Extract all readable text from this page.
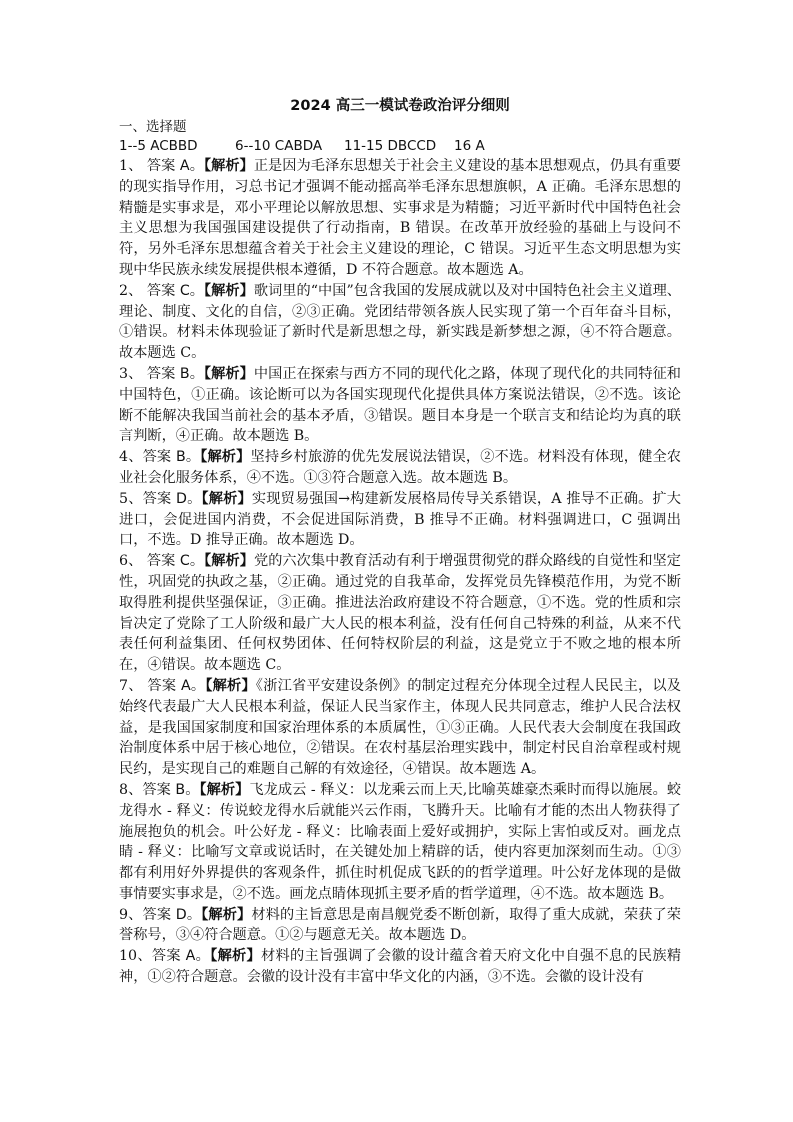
2024 高三一模试卷政治评分细则
一、选择题
1--5 ACBBD	6--10 CABDA	11-15 DBCCD	16 A

1、 答案 A。【解析】正是因为毛泽东思想关于社会主义建设的基本思想观点，仍具有重要的现实指导作用，习总书记才强调不能动摇高举毛泽东思想旗帜，A 正确。毛泽东思想的精髓是实事求是，邓小平理论以解放思想、实事求是为精髓；习近平新时代中国特色社会主义思想为我国强国建设提供了行动指南，B 错误。在改革开放经验的基础上与设问不符，另外毛泽东思想蕴含着关于社会主义建设的理论，C 错误。习近平生态文明思想为实现中华民族永续发展提供根本遵循，D 不符合题意。故本题选 A。

2、 答案 C。【解析】歌词里的“中国”包含我国的发展成就以及对中国特色社会主义道理、理论、制度、文化的自信，②③正确。党团结带领各族人民实现了第一个百年奋斗目标，①错误。材料未体现验证了新时代是新思想之母，新实践是新梦想之源，④不符合题意。故本题选 C。

3、 答案 B。【解析】中国正在探索与西方不同的现代化之路，体现了现代化的共同特征和中国特色，①正确。该论断可以为各国实现现代化提供具体方案说法错误，②不选。该论断不能解决我国当前社会的基本矛盾，③错误。题目本身是一个联言支和结论均为真的联言判断，④正确。故本题选 B。

4、答案 B。【解析】坚持乡村旅游的优先发展说法错误，②不选。材料没有体现，健全农业社会化服务体系，④不选。①③符合题意入选。故本题选 B。

5、答案 D。【解析】实现贸易强国→构建新发展格局传导关系错误，A 推导不正确。扩大进口，会促进国内消费，不会促进国际消费，B 推导不正确。材料强调进口，C 强调出口，不选。D 推导正确。故本题选 D。

6、 答案 C。【解析】党的六次集中教育活动有利于增强贯彻党的群众路线的自觉性和坚定性，巩固党的执政之基，②正确。通过党的自我革命，发挥党员先锋模范作用，为党不断取得胜利提供坚强保证，③正确。推进法治政府建设不符合题意，①不选。党的性质和宗旨决定了党除了工人阶级和最广大人民的根本利益，没有任何自己特殊的利益，从来不代表任何利益集团、任何权势团体、任何特权阶层的利益，这是党立于不败之地的根本所在，④错误。故本题选 C。

7、 答案 A。【解析】《浙江省平安建设条例》的制定过程充分体现全过程人民民主，以及始终代表最广大人民根本利益，保证人民当家作主，体现人民共同意志，维护人民合法权益，是我国国家制度和国家治理体系的本质属性，①③正确。人民代表大会制度在我国政治制度体系中居于核心地位，②错误。在农村基层治理实践中，制定村民自治章程或村规民约，是实现自己的难题自己解的有效途径，④错误。故本题选 A。

8、答案 B。【解析】飞龙成云 - 释义：以龙乘云而上天,比喻英雄豪杰乘时而得以施展。蛟龙得水 - 释义：传说蛟龙得水后就能兴云作雨，飞腾升天。比喻有才能的杰出人物获得了施展抱负的机会。叶公好龙 - 释义：比喻表面上爱好或拥护，实际上害怕或反对。画龙点睛 - 释义：比喻写文章或说话时，在关键处加上精辟的话，使内容更加深刻而生动。①③都有利用好外界提供的客观条件，抓住时机促成飞跃的的哲学道理。叶公好龙体现的是做事情要实事求是，②不选。画龙点睛体现抓主要矛盾的哲学道理，④不选。故本题选 B。

9、答案 D。【解析】材料的主旨意思是南昌舰党委不断创新，取得了重大成就，荣获了荣誉称号，③④符合题意。①②与题意无关。故本题选 D。

10、答案 A。【解析】材料的主旨强调了会徽的设计蕴含着天府文化中自强不息的民族精神，①②符合题意。会徽的设计没有丰富中华文化的内涵，③不选。会徽的设计没有
